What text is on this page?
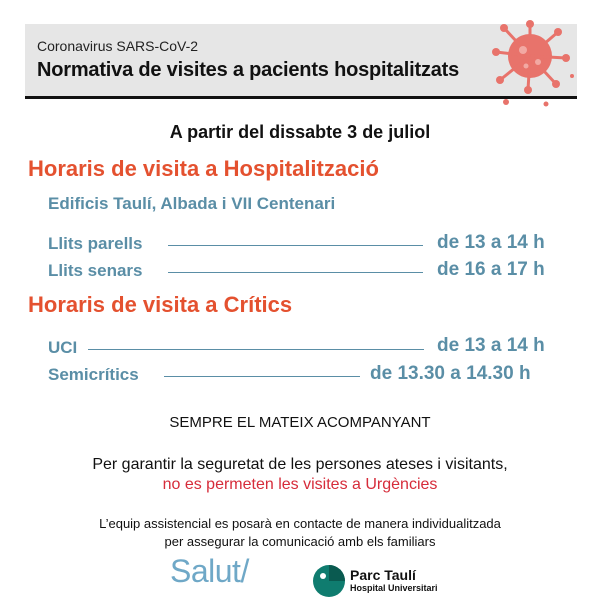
Coronavirus SARS-CoV-2
Normativa de visites a pacients hospitalitzats
A partir del dissabte 3 de juliol
Horaris de visita a Hospitalització
Edificis Taulí, Albada i VII Centenari
Llits parells	de 13 a 14 h
Llits senars	de 16 a 17 h
Horaris de visita a Crítics
UCI	de 13 a 14 h
Semicrítics	de 13.30 a 14.30 h
SEMPRE EL MATEIX ACOMPANYANT
Per garantir la seguretat de les persones ateses i visitants,
no es permeten les visites a Urgències
L’equip assistencial es posarà en contacte de manera individualitzada
per assegurar la comunicació amb els familiars
Salut/	Parc Taulí
Hospital Universitari
